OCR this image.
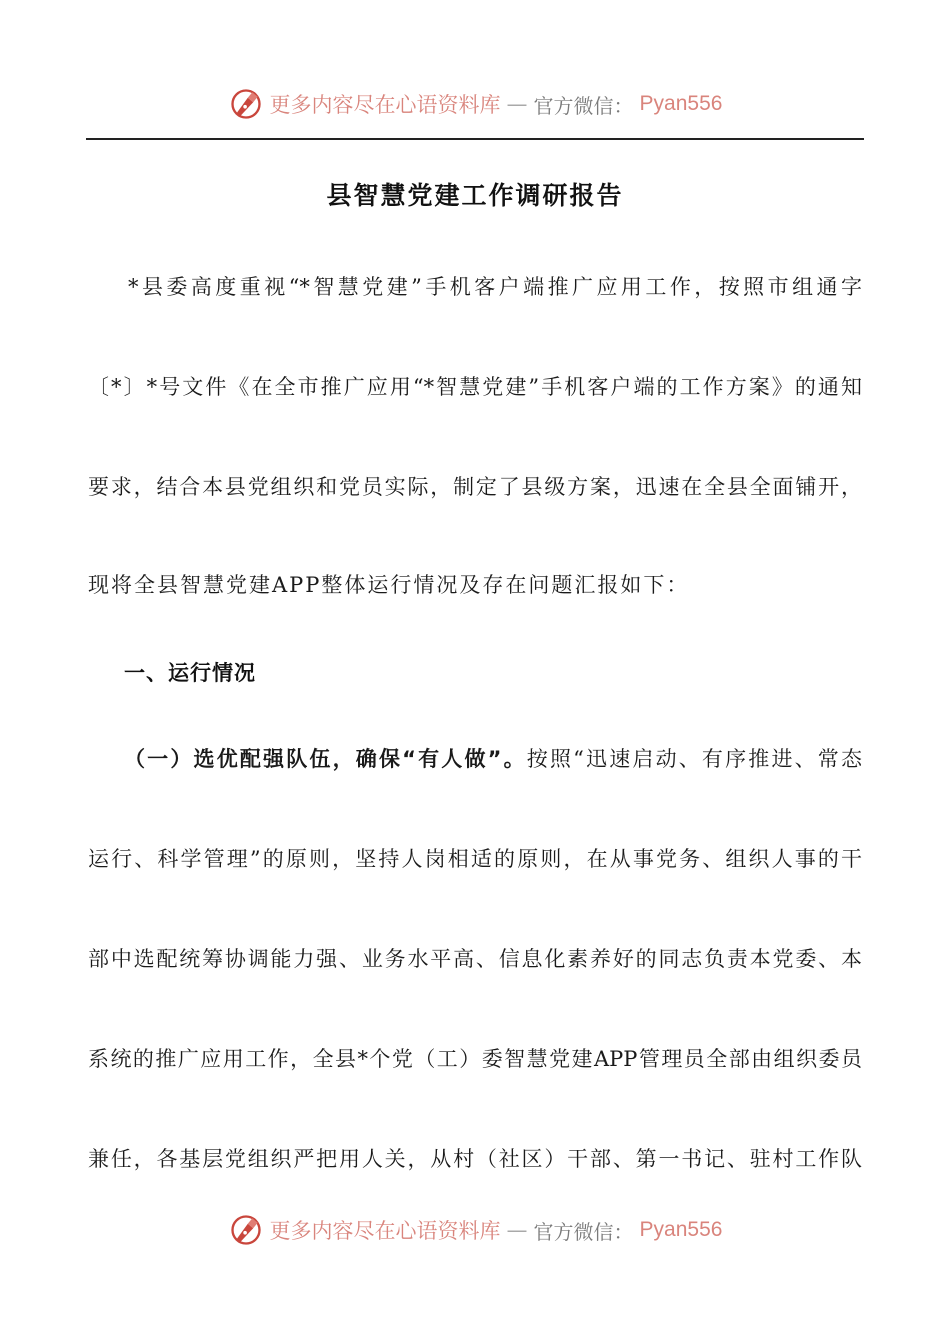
更多内容尽在心语资料库 — 官方微信： Pyan556
县智慧党建工作调研报告
*县委高度重视“*智慧党建”手机客户端推广应用工作，按照市组通字
〔*〕*号文件《在全市推广应用“*智慧党建”手机客户端的工作方案》的通知
要求，结合本县党组织和党员实际，制定了县级方案，迅速在全县全面铺开，
现将全县智慧党建APP整体运行情况及存在问题汇报如下：
一、运行情况
（一）选优配强队伍，确保“有人做”。按照“迅速启动、有序推进、常态
运行、科学管理”的原则，坚持人岗相适的原则，在从事党务、组织人事的干
部中选配统筹协调能力强、业务水平高、信息化素养好的同志负责本党委、本
系统的推广应用工作，全县*个党（工）委智慧党建APP管理员全部由组织委员
兼任，各基层党组织严把用人关，从村（社区）干部、第一书记、驻村工作队
更多内容尽在心语资料库 — 官方微信： Pyan556
